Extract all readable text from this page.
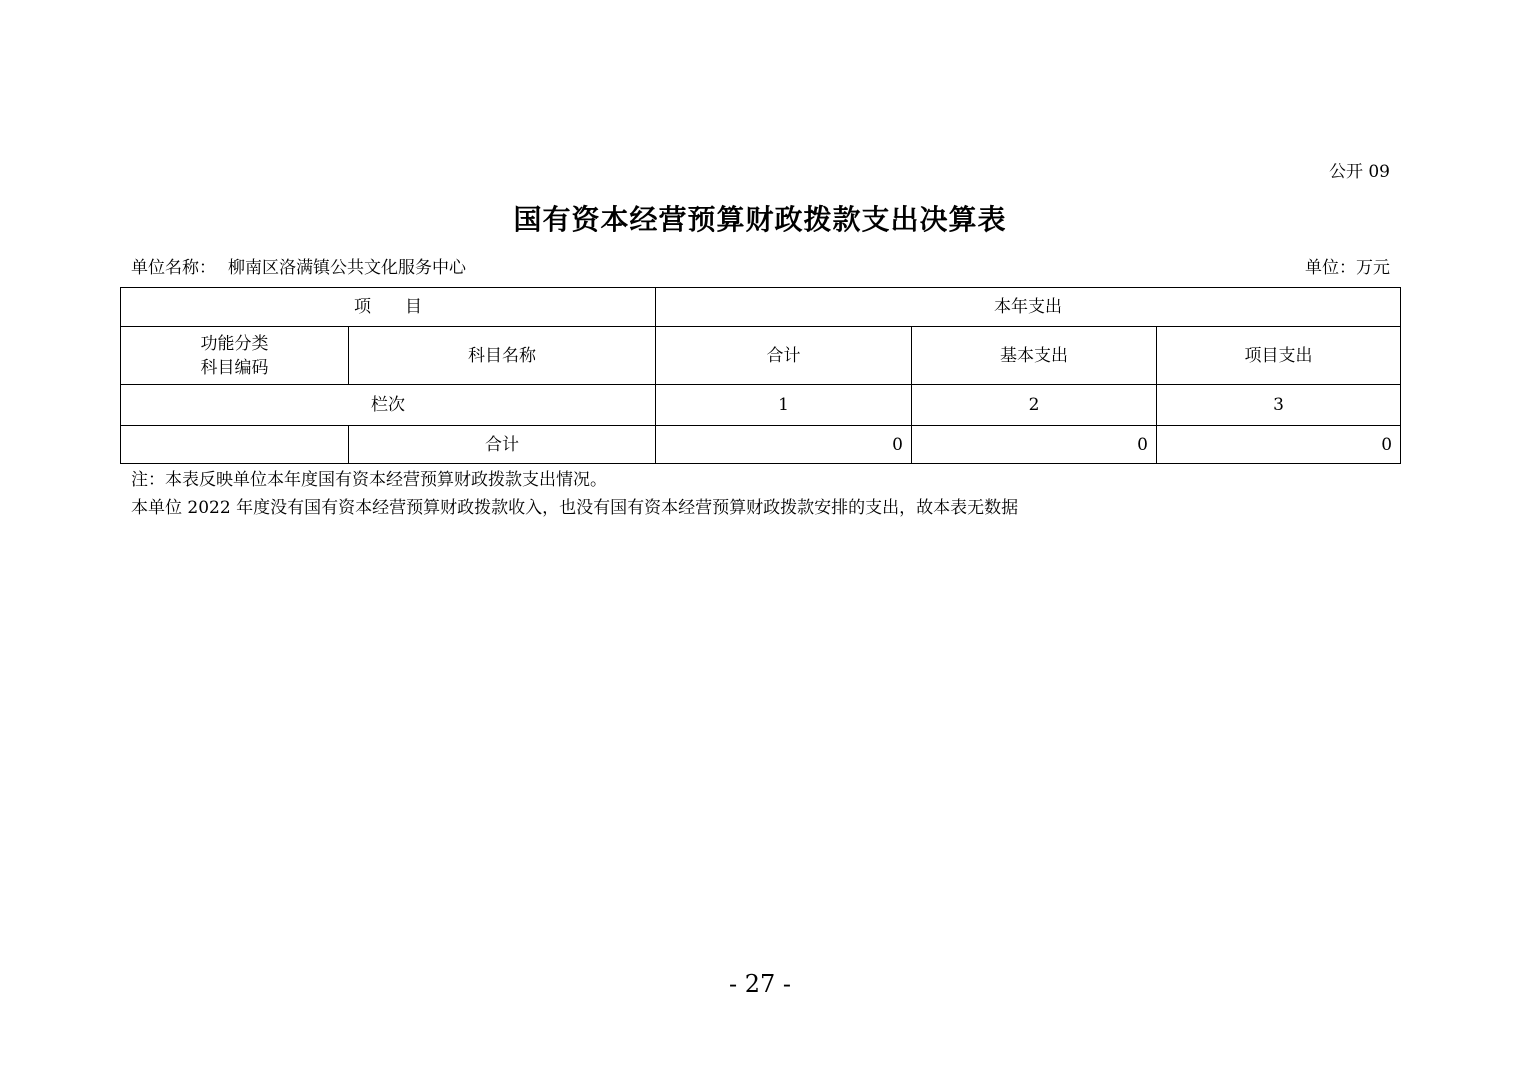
公开 09
国有资本经营预算财政拨款支出决算表
单位名称： 柳南区洛满镇公共文化服务中心	单位：万元
项　　目		本年支出		

功能分类
科目编码	科目名称	合计	基本支出	项目支出
栏次		1	2	3
	合计	0	0	0
注：本表反映单位本年度国有资本经营预算财政拨款支出情况。
本单位 2022 年度没有国有资本经营预算财政拨款收入，也没有国有资本经营预算财政拨款安排的支出，故本表无数据
- 27 -
